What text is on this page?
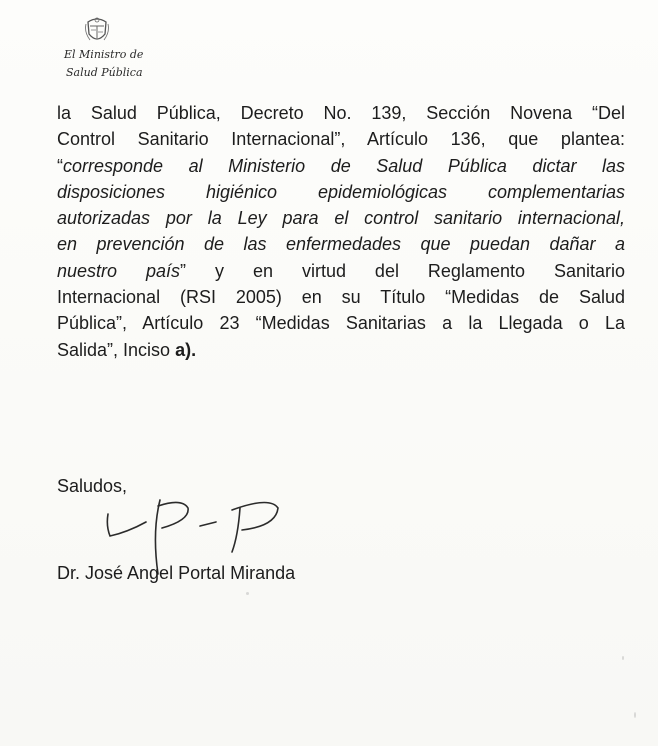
El Ministro de
Salud Pública
la Salud Pública, Decreto No. 139, Sección Novena “Del
Control Sanitario Internacional”, Artículo 136, que plantea:
“corresponde al Ministerio de Salud Pública dictar las
disposiciones higiénico epidemiológicas complementarias
autorizadas por la Ley para el control sanitario internacional,
en prevención de las enfermedades que puedan dañar a
nuestro país” y en virtud del Reglamento Sanitario
Internacional (RSI 2005) en su Título “Medidas de Salud
Pública”, Artículo 23 “Medidas Sanitarias a la Llegada o La
Salida”, Inciso a).
Saludos,
Dr. José Angel Portal Miranda
